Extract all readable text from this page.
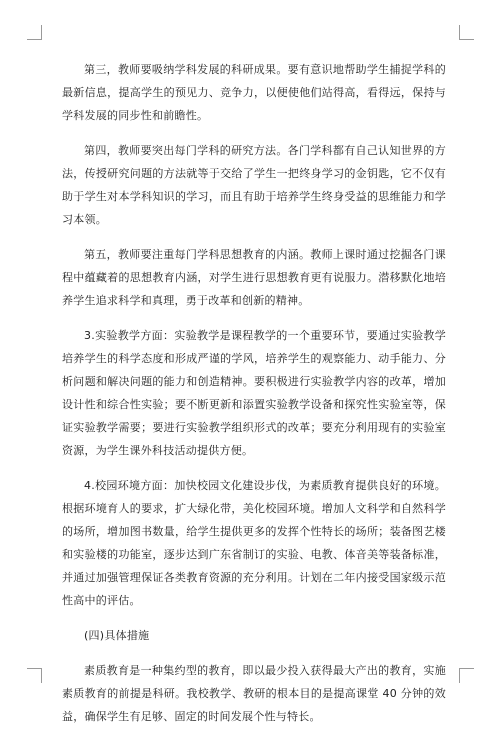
第三，教师要吸纳学科发展的科研成果。要有意识地帮助学生捕捉学科的最新信息，提高学生的预见力、竞争力，以便使他们站得高，看得远，保持与学科发展的同步性和前瞻性。

第四，教师要突出每门学科的研究方法。各门学科都有自己认知世界的方法，传授研究问题的方法就等于交给了学生一把终身学习的金钥匙，它不仅有助于学生对本学科知识的学习，而且有助于培养学生终身受益的思维能力和学习本领。

第五，教师要注重每门学科思想教育的内涵。教师上课时通过挖掘各门课程中蕴藏着的思想教育内涵，对学生进行思想教育更有说服力。潜移默化地培养学生追求科学和真理，勇于改革和创新的精神。

3.实验教学方面：实验教学是课程教学的一个重要环节，要通过实验教学培养学生的科学态度和形成严谨的学风，培养学生的观察能力、动手能力、分析问题和解决问题的能力和创造精神。要积极进行实验教学内容的改革，增加设计性和综合性实验；要不断更新和添置实验教学设备和探究性实验室等，保证实验教学需要；要进行实验教学组织形式的改革；要充分利用现有的实验室资源，为学生课外科技活动提供方便。

4.校园环境方面：加快校园文化建设步伐，为素质教育提供良好的环境。根据环境育人的要求，扩大绿化带，美化校园环境。增加人文科学和自然科学的场所，增加图书数量，给学生提供更多的发挥个性特长的场所；装备图艺楼和实验楼的功能室，逐步达到广东省制订的实验、电教、体音美等装备标准，并通过加强管理保证各类教育资源的充分利用。计划在二年内接受国家级示范性高中的评估。

(四)具体措施

素质教育是一种集约型的教育，即以最少投入获得最大产出的教育，实施素质教育的前提是科研。我校教学、教研的根本目的是提高课堂 40 分钟的效益，确保学生有足够、固定的时间发展个性与特长。
